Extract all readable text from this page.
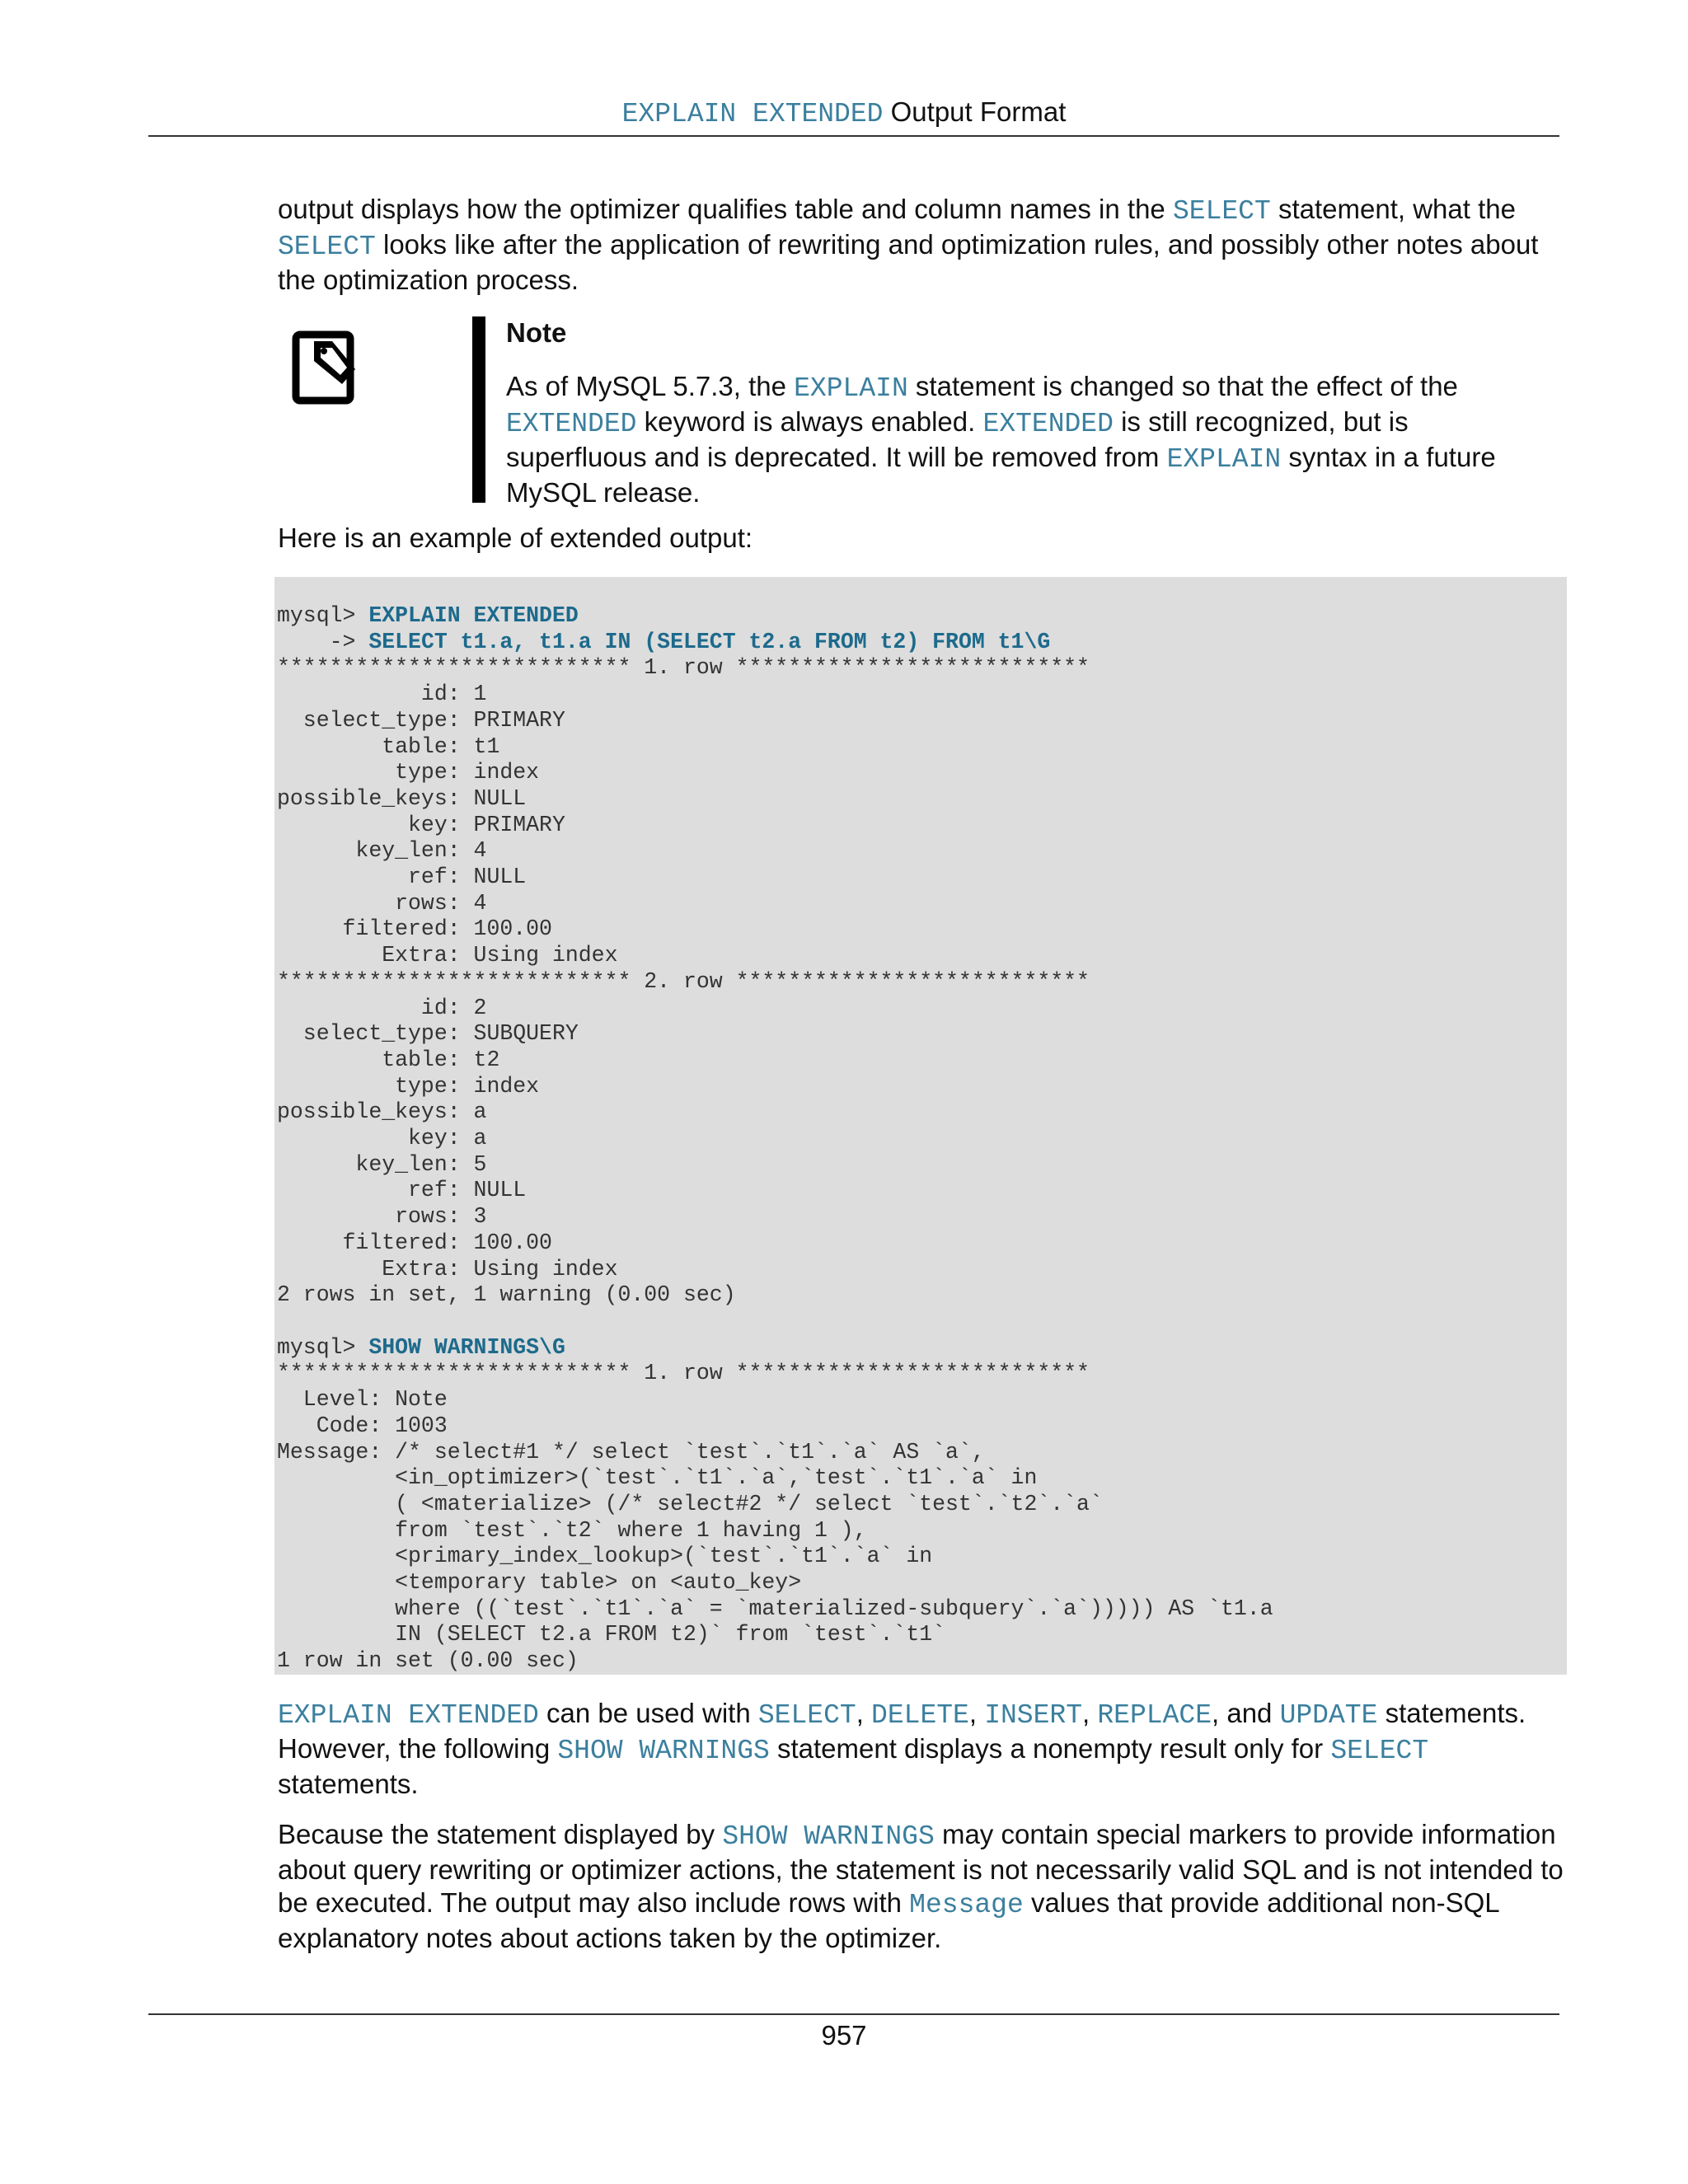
EXPLAIN EXTENDED Output Format

output displays how the optimizer qualifies table and column names in the SELECT statement, what the SELECT looks like after the application of rewriting and optimization rules, and possibly other notes about the optimization process.

Note

As of MySQL 5.7.3, the EXPLAIN statement is changed so that the effect of the EXTENDED keyword is always enabled. EXTENDED is still recognized, but is superfluous and is deprecated. It will be removed from EXPLAIN syntax in a future MySQL release.

Here is an example of extended output:

mysql> EXPLAIN EXTENDED
-> SELECT t1.a, t1.a IN (SELECT t2.a FROM t2) FROM t1\G
*************************** 1. row ***************************
id: 1
select_type: PRIMARY
table: t1
type: index
possible_keys: NULL
key: PRIMARY
key_len: 4
ref: NULL
rows: 4
filtered: 100.00
Extra: Using index
*************************** 2. row ***************************
id: 2
select_type: SUBQUERY
table: t2
type: index
possible_keys: a
key: a
key_len: 5
ref: NULL
rows: 3
filtered: 100.00
Extra: Using index
2 rows in set, 1 warning (0.00 sec)

mysql> SHOW WARNINGS\G
*************************** 1. row ***************************
Level: Note
Code: 1003
Message: /* select#1 */ select `test`.`t1`.`a` AS `a`,
<in_optimizer>(`test`.`t1`.`a`,`test`.`t1`.`a` in
( <materialize> (/* select#2 */ select `test`.`t2`.`a`
from `test`.`t2` where 1 having 1 ),
<primary_index_lookup>(`test`.`t1`.`a` in
<temporary table> on <auto_key>
where ((`test`.`t1`.`a` = `materialized-subquery`.`a`))))) AS `t1.a
IN (SELECT t2.a FROM t2)` from `test`.`t1`
1 row in set (0.00 sec)

EXPLAIN EXTENDED can be used with SELECT, DELETE, INSERT, REPLACE, and UPDATE statements. However, the following SHOW WARNINGS statement displays a nonempty result only for SELECT statements.

Because the statement displayed by SHOW WARNINGS may contain special markers to provide information about query rewriting or optimizer actions, the statement is not necessarily valid SQL and is not intended to be executed. The output may also include rows with Message values that provide additional non-SQL explanatory notes about actions taken by the optimizer.

957
